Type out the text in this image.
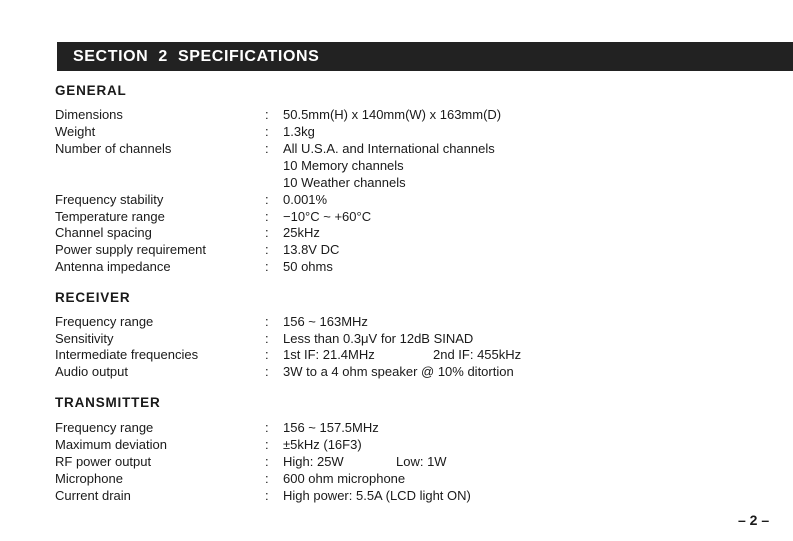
SECTION  2  SPECIFICATIONS
GENERAL
Dimensions	: 50.5mm(H) x 140mm(W) x 163mm(D)
Weight	: 1.3kg
Number of channels	: All U.S.A. and International channels
10 Memory channels
10 Weather channels
Frequency stability	: 0.001%
Temperature range	: −10°C ~ +60°C
Channel spacing	: 25kHz
Power supply requirement	: 13.8V DC
Antenna impedance	: 50 ohms
RECEIVER
Frequency range	: 156 ~ 163MHz
Sensitivity	: Less than 0.3μV for 12dB SINAD
Intermediate frequencies	: 1st IF: 21.4MHz	2nd IF: 455kHz
Audio output	: 3W to a 4 ohm speaker @ 10% ditortion
TRANSMITTER
Frequency range	: 156 ~ 157.5MHz
Maximum deviation	: ±5kHz (16F3)
RF power output	: High: 25W	Low: 1W
Microphone	: 600 ohm microphone
Current drain	: High power: 5.5A (LCD light ON)
– 2 –
